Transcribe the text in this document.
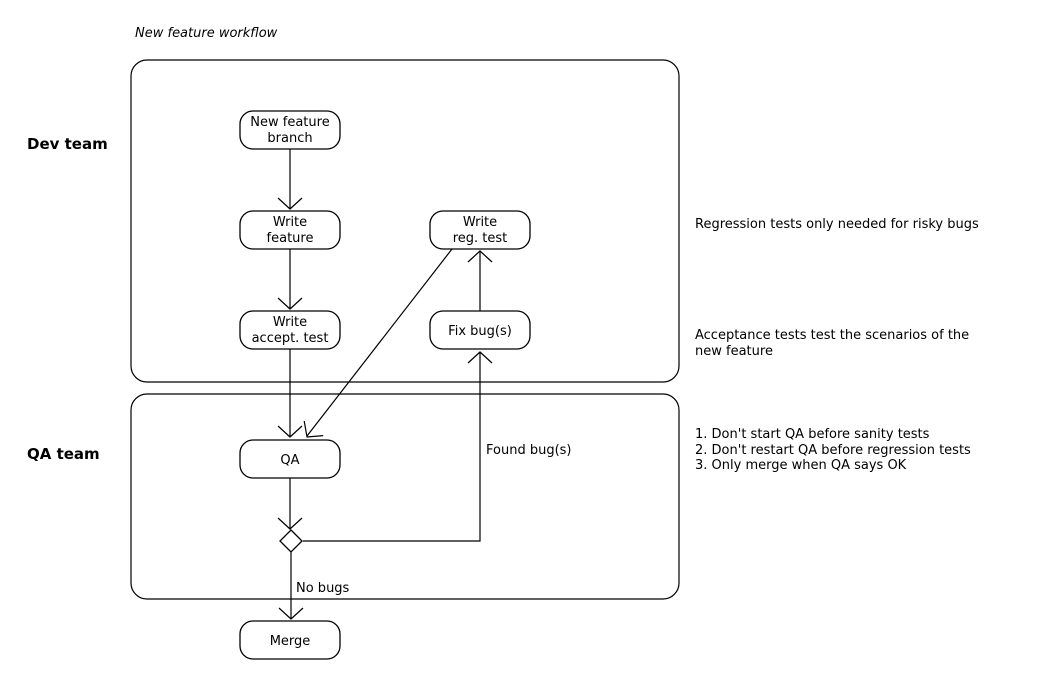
New feature workflow
Dev team
QA team
New feature
branch
Write
feature
Write
reg. test
Write
accept. test	Fix bug(s)
QA
Merge
Found bug(s)
No bugs
Regression tests only needed for risky bugs
Acceptance tests test the scenarios of the
new feature
1. Don't start QA before sanity tests
2. Don't restart QA before regression tests
3. Only merge when QA says OK
